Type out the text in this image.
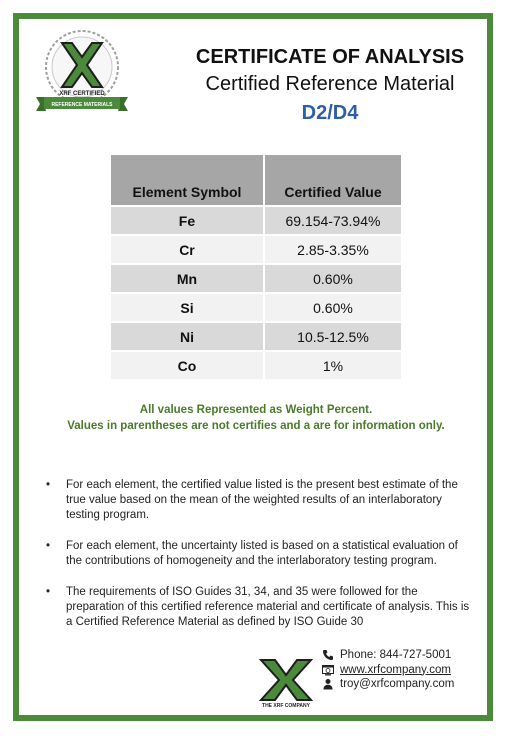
XRF CERTIFIED
REFERENCE MATERIALS
CERTIFICATE OF ANALYSIS
Certified Reference Material
D2/D4
Element Symbol	Certified Value
Fe	69.154-73.94%
Cr	2.85-3.35%
Mn	0.60%
Si	0.60%
Ni	10.5-12.5%
Co	1%
All values Represented as Weight Percent.
Values in parentheses are not certifies and a are for information only.
• For each element, the certified value listed is the present best estimate of the true value based on the mean of the weighted results of an interlaboratory testing program.
• For each element, the uncertainty listed is based on a statistical evaluation of the contributions of homogeneity and the interlaboratory testing program.
• The requirements of ISO Guides 31, 34, and 35 were followed for the preparation of this certified reference material and certificate of analysis. This is a Certified Reference Material as defined by ISO Guide 30
THE XRF COMPANY
Phone: 844-727-5001
www.xrfcompany.com
troy@xrfcompany.com
